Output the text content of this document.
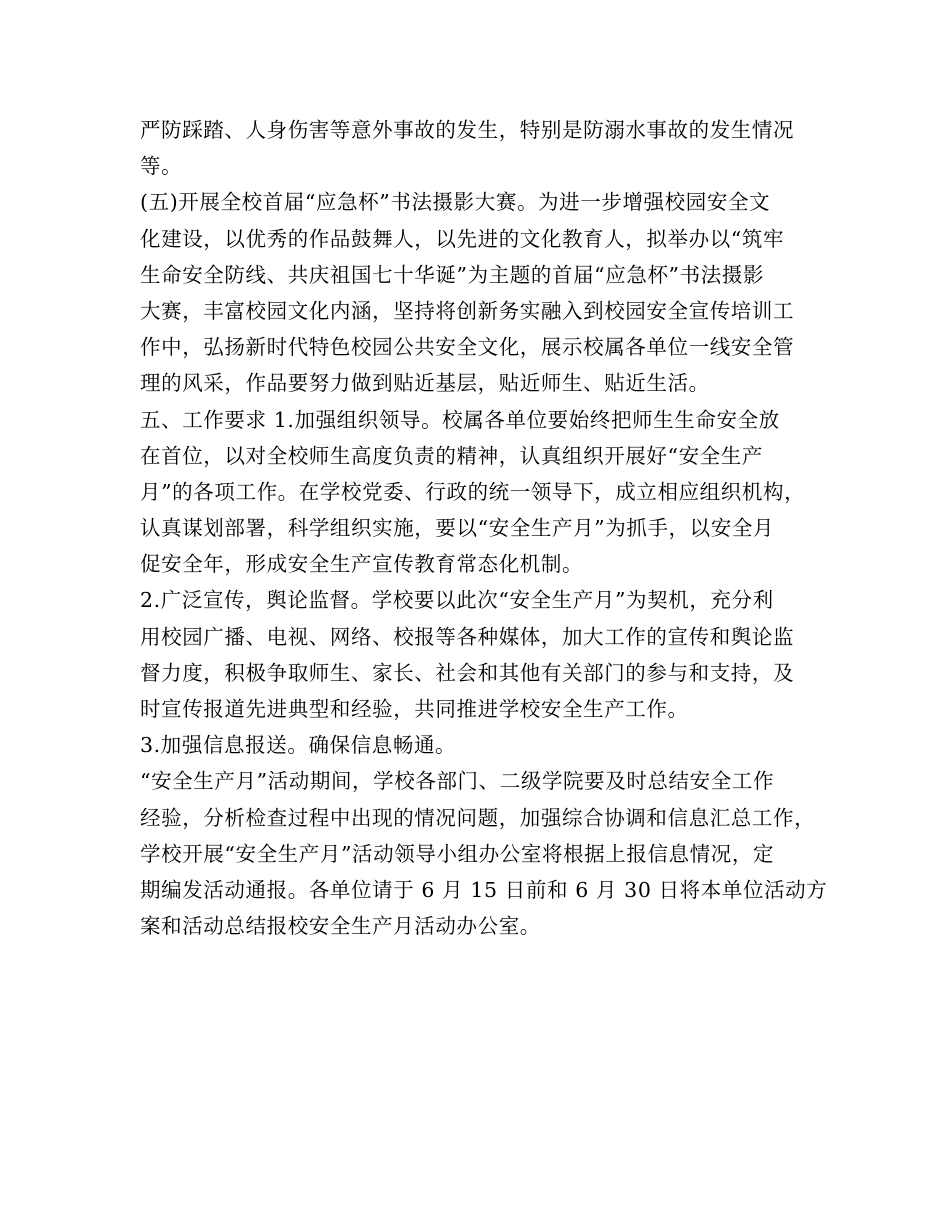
严防踩踏、人身伤害等意外事故的发生，特别是防溺水事故的发生情况
等。
(五)开展全校首届“应急杯”书法摄影大赛。为进一步增强校园安全文
化建设，以优秀的作品鼓舞人，以先进的文化教育人，拟举办以“筑牢
生命安全防线、共庆祖国七十华诞”为主题的首届“应急杯”书法摄影
大赛，丰富校园文化内涵，坚持将创新务实融入到校园安全宣传培训工
作中，弘扬新时代特色校园公共安全文化，展示校属各单位一线安全管
理的风采，作品要努力做到贴近基层，贴近师生、贴近生活。
五、工作要求 1.加强组织领导。校属各单位要始终把师生生命安全放
在首位，以对全校师生高度负责的精神，认真组织开展好“安全生产
月”的各项工作。在学校党委、行政的统一领导下，成立相应组织机构，
认真谋划部署，科学组织实施，要以“安全生产月”为抓手，以安全月
促安全年，形成安全生产宣传教育常态化机制。
2.广泛宣传，舆论监督。学校要以此次“安全生产月”为契机，充分利
用校园广播、电视、网络、校报等各种媒体，加大工作的宣传和舆论监
督力度，积极争取师生、家长、社会和其他有关部门的参与和支持，及
时宣传报道先进典型和经验，共同推进学校安全生产工作。
3.加强信息报送。确保信息畅通。
“安全生产月”活动期间，学校各部门、二级学院要及时总结安全工作
经验，分析检查过程中出现的情况问题，加强综合协调和信息汇总工作，
学校开展“安全生产月”活动领导小组办公室将根据上报信息情况，定
期编发活动通报。各单位请于 6 月 15 日前和 6 月 30 日将本单位活动方
案和活动总结报校安全生产月活动办公室。
